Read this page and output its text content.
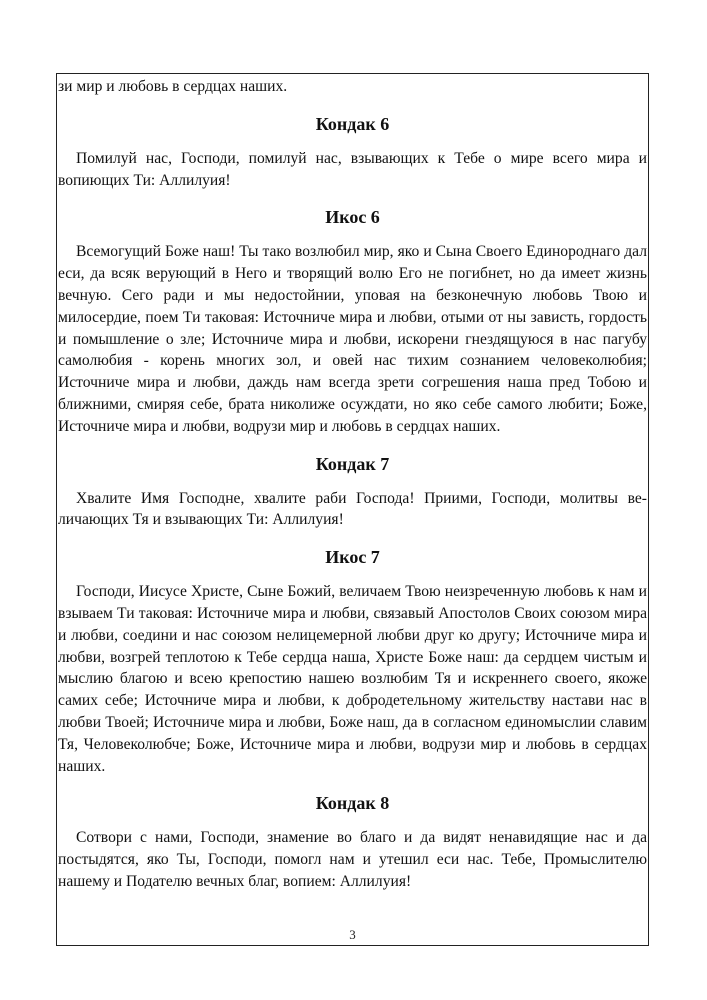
зи мир и любовь в сердцах наших.

Кондак 6

Помилуй нас, Господи, помилуй нас, взывающих к Тебе о мире всего мира и вопиющих Ти: Аллилуия!

Икос 6

Всемогущий Боже наш! Ты тако возлюбил мир, яко и Сына Своего Единороднаго дал еси, да всяк верующий в Него и творящий волю Его не погибнет, но да имеет жизнь вечную. Сего ради и мы недостойнии, уповая на безконечную любовь Твою и милосердие, поем Ти таковая: Источниче мира и любви, отыми от ны зависть, гордость и помышление о зле; Источниче мира и любви, искорени гнездящуюся в нас пагубу самолюбия - корень многих зол, и овей нас тихим сознанием человеколюбия; Источниче мира и любви, даждь нам всегда зрети согрешения наша пред Тобою и ближними, смиряя себе, брата николиже осуждати, но яко себе самого любити; Боже, Источниче мира и любви, водрузи мир и любовь в сердцах наших.

Кондак 7

Хвалите Имя Господне, хвалите раби Господа! Приими, Господи, молитвы величающих Тя и взывающих Ти: Аллилуия!

Икос 7

Господи, Иисусе Христе, Сыне Божий, величаем Твою неизреченную любовь к нам и взываем Ти таковая: Источниче мира и любви, связавый Апостолов Своих союзом мира и любви, соедини и нас союзом нелицемерной любви друг ко другу; Источниче мира и любви, возгрей теплотою к Тебе сердца наша, Христе Боже наш: да сердцем чистым и мыслию благою и всею крепостию нашею возлюбим Тя и искреннего своего, якоже самих себе; Источниче мира и любви, к добродетельному жительству настави нас в любви Твоей; Источниче мира и любви, Боже наш, да в согласном единомыслии славим Тя, Человеколюбче; Боже, Источниче мира и любви, водрузи мир и любовь в сердцах наших.

Кондак 8

Сотвори с нами, Господи, знамение во благо и да видят ненавидящие нас и да постыдятся, яко Ты, Господи, помогл нам и утешил еси нас. Тебе, Промыслителю нашему и Подателю вечных благ, вопием: Аллилуия!

3
